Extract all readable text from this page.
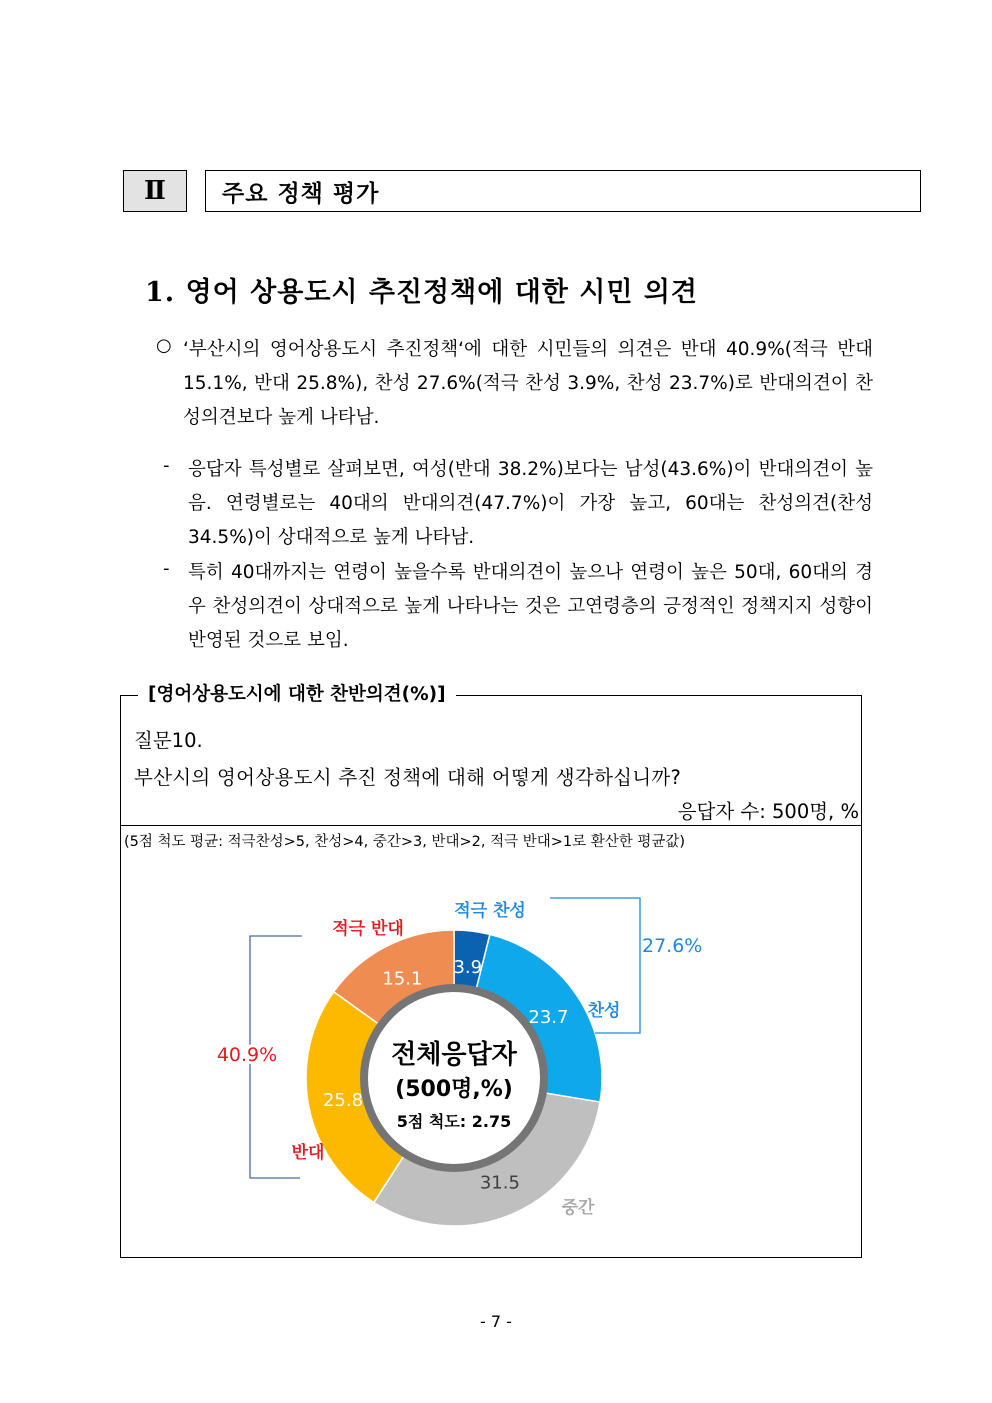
Ⅱ	주요 정책 평가
1. 영어 상용도시 추진정책에 대한 시민 의견
○ ‘부산시의 영어상용도시 추진정책‘에 대한 시민들의 의견은 반대 40.9%(적극 반대 15.1%, 반대 25.8%), 찬성 27.6%(적극 찬성 3.9%, 찬성 23.7%)로 반대의견이 찬성의견보다 높게 나타남.

- 응답자 특성별로 살펴보면, 여성(반대 38.2%)보다는 남성(43.6%)이 반대의견이 높음. 연령별로는 40대의 반대의견(47.7%)이 가장 높고, 60대는 찬성의견(찬성 34.5%)이 상대적으로 높게 나타남.

- 특히 40대까지는 연령이 높을수록 반대의견이 높으나 연령이 높은 50대, 60대의 경우 찬성의견이 상대적으로 높게 나타나는 것은 고연령층의 긍정적인 정책지지 성향이 반영된 것으로 보임.

[영어상용도시에 대한 찬반의견(%)]
질문10.
부산시의 영어상용도시 추진 정책에 대해 어떻게 생각하십니까?
응답자 수: 500명, %
(5점 척도 평균: 적극찬성>5, 찬성>4, 중간>3, 반대>2, 적극 반대>1로 환산한 평균값)
3.9
23.7
31.5
25.8
15.1
적극 찬성
찬성
중간
반대
적극 반대
전체응답자
(500명,%)
5점 척도: 2.75
27.6%
40.9%
- 7 -
